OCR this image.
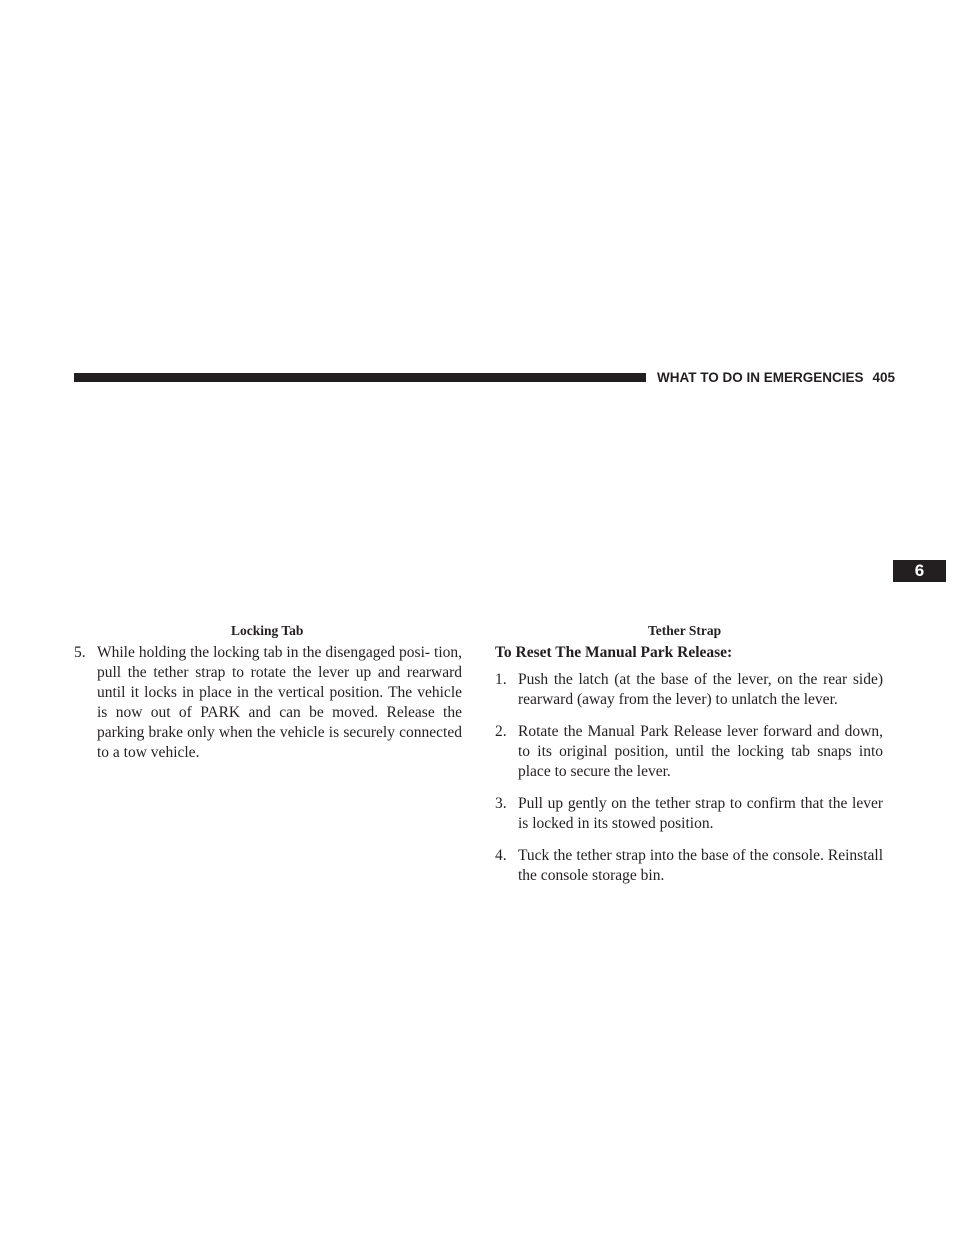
WHAT TO DO IN EMERGENCIES 405
6
Locking Tab	Tether Strap
5. While holding the locking tab in the disengaged posi- tion, pull the tether strap to rotate the lever up and rearward until it locks in place in the vertical position. The vehicle is now out of PARK and can be moved. Release the parking brake only when the vehicle is securely connected to a tow vehicle.
To Reset The Manual Park Release:
1. Push the latch (at the base of the lever, on the rear side) rearward (away from the lever) to unlatch the lever.
2. Rotate the Manual Park Release lever forward and down, to its original position, until the locking tab snaps into place to secure the lever.
3. Pull up gently on the tether strap to confirm that the lever is locked in its stowed position.
4. Tuck the tether strap into the base of the console. Reinstall the console storage bin.
